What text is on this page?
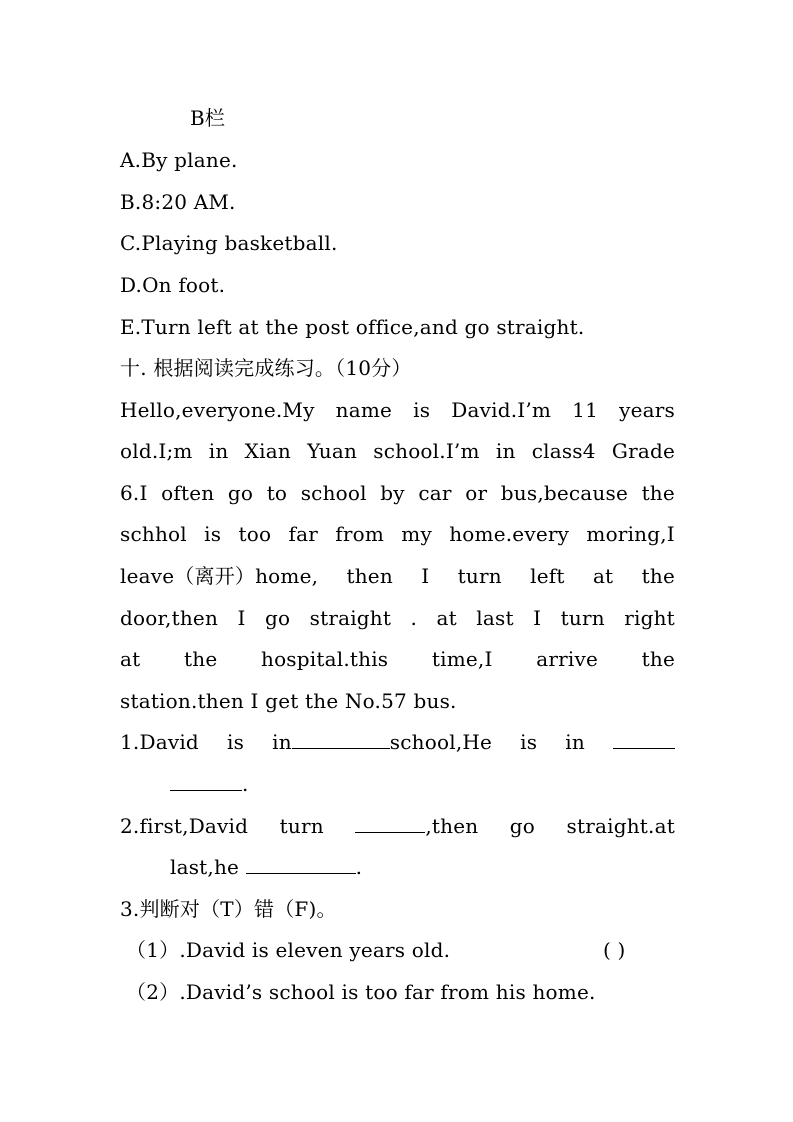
B栏
A.By plane.
B.8:20 AM.
C.Playing basketball.
D.On foot.
E.Turn left at the post office,and go straight.
十. 根据阅读完成练习。（10分）
Hello,everyone.My name is David.I’m 11 years
old.I;m in Xian Yuan school.I’m in class4 Grade
6.I often go to school by car or bus,because the
schhol is too far from my home.every moring,I
leave（离开）home, then I turn left at the
door,then I go straight . at last I turn right
at the hospital.this time,I arrive the
station.then I get the No.57 bus.
1.David is in	school,He is in
.
2.first,David turn	,then go straight.at
last,he	.
3.判断对（T）错（F)。
（1）.David is eleven years old.	( )
（2）.David’s school is too far from his home.
